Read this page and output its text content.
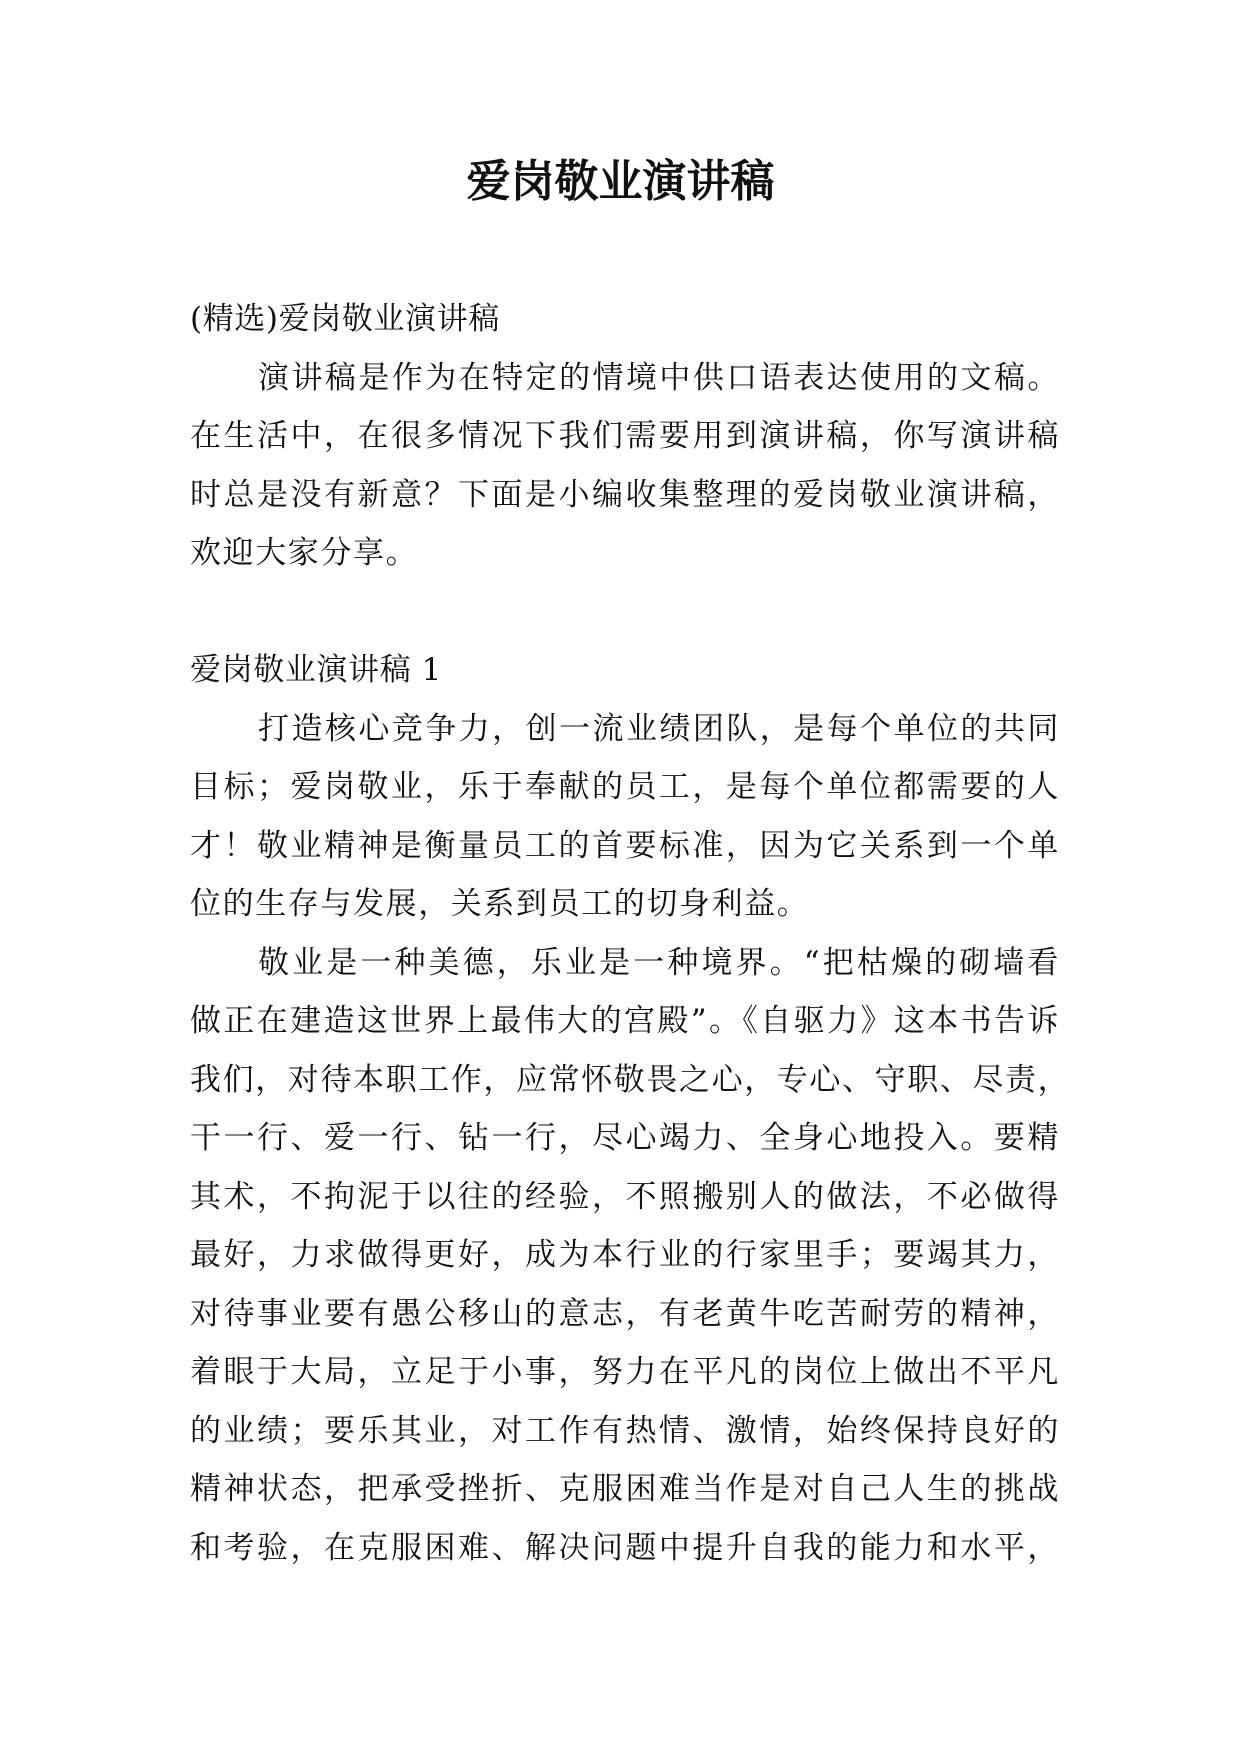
爱岗敬业演讲稿
(精选)爱岗敬业演讲稿
演讲稿是作为在特定的情境中供口语表达使用的文稿。
在生活中，在很多情况下我们需要用到演讲稿，你写演讲稿
时总是没有新意？下面是小编收集整理的爱岗敬业演讲稿，
欢迎大家分享。
爱岗敬业演讲稿 1
打造核心竞争力，创一流业绩团队，是每个单位的共同
目标；爱岗敬业，乐于奉献的员工，是每个单位都需要的人
才！敬业精神是衡量员工的首要标准，因为它关系到一个单
位的生存与发展，关系到员工的切身利益。
敬业是一种美德，乐业是一种境界。“把枯燥的砌墙看
做正在建造这世界上最伟大的宫殿”。《自驱力》这本书告诉
我们，对待本职工作，应常怀敬畏之心，专心、守职、尽责，
干一行、爱一行、钻一行，尽心竭力、全身心地投入。要精
其术，不拘泥于以往的经验，不照搬别人的做法，不必做得
最好，力求做得更好，成为本行业的行家里手；要竭其力，
对待事业要有愚公移山的意志，有老黄牛吃苦耐劳的精神，
着眼于大局，立足于小事，努力在平凡的岗位上做出不平凡
的业绩；要乐其业，对工作有热情、激情，始终保持良好的
精神状态，把承受挫折、克服困难当作是对自己人生的挑战
和考验，在克服困难、解决问题中提升自我的能力和水平，
